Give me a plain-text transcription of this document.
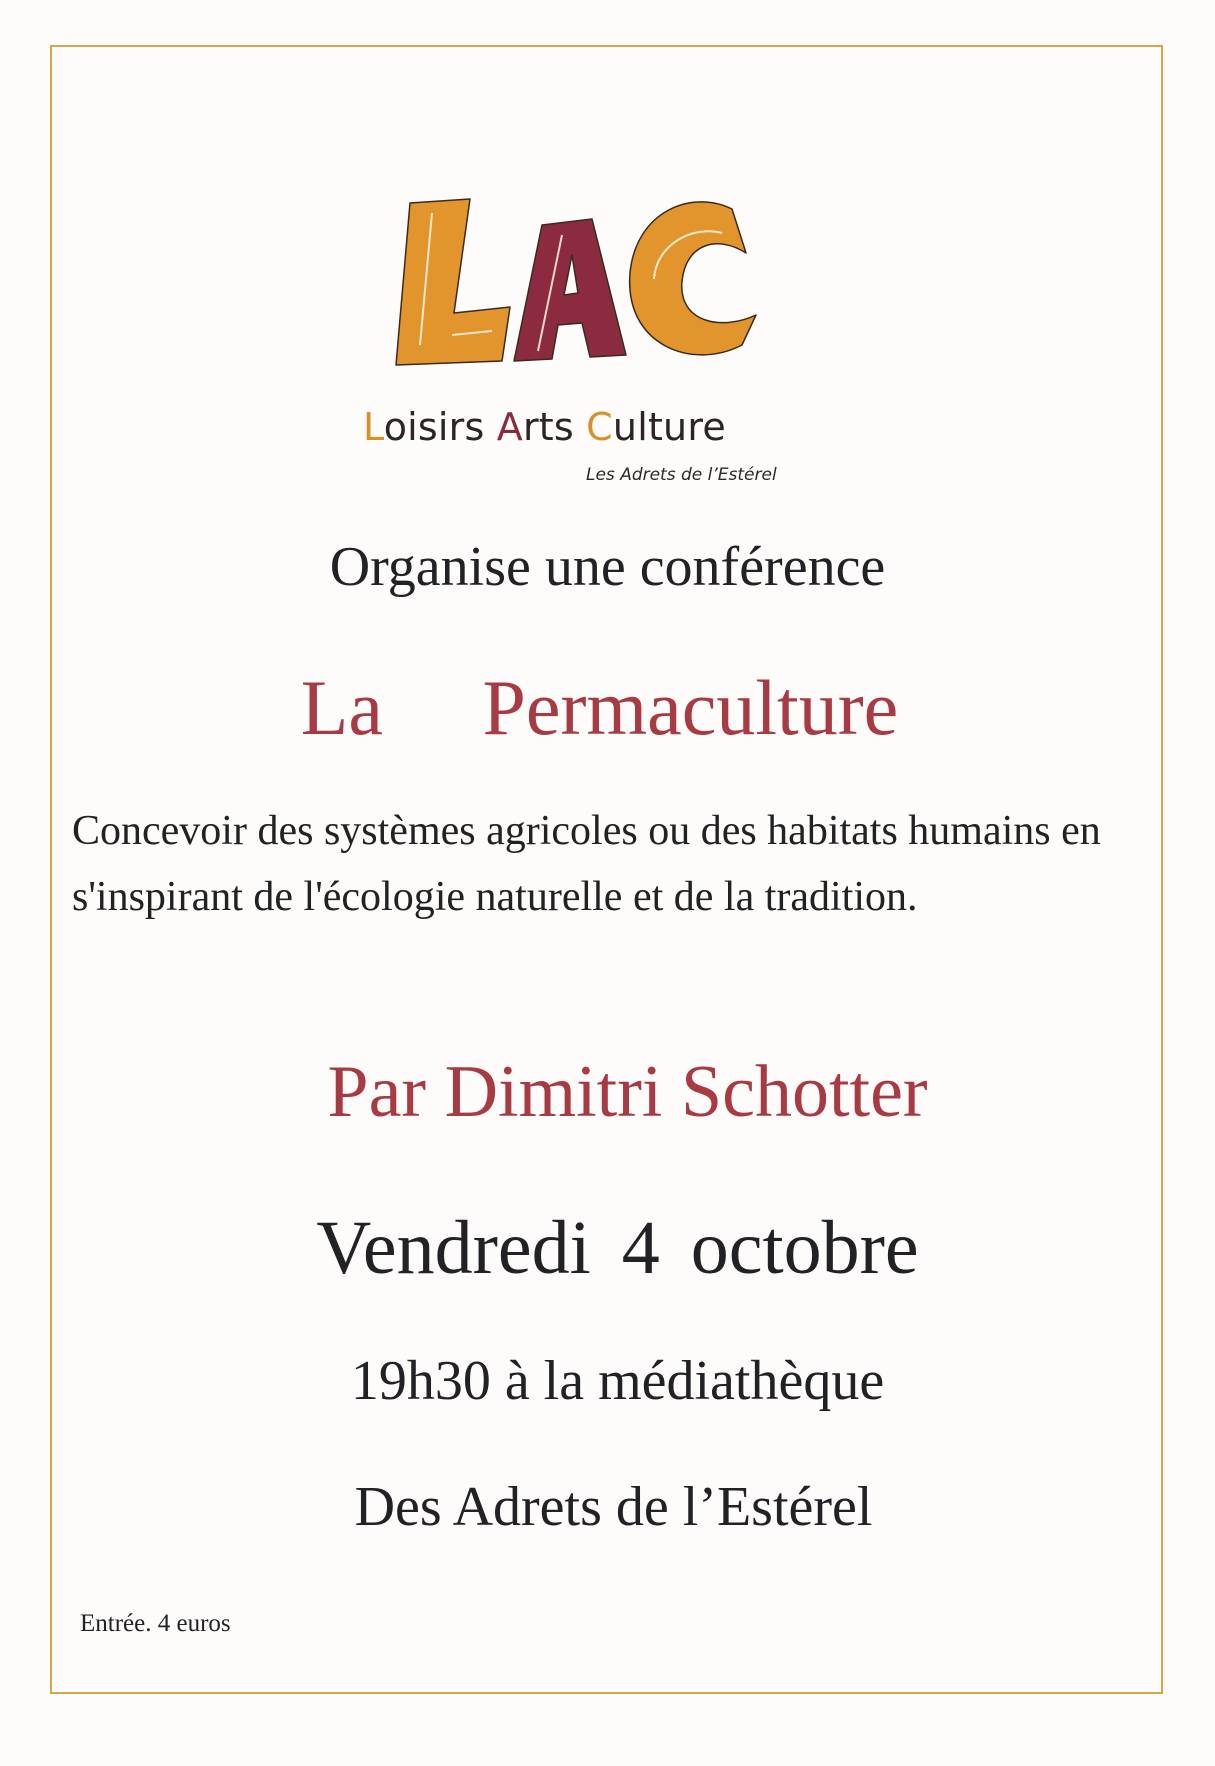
Loisirs Arts Culture
Les Adrets de l’Estérel
Organise une conférence
La Permaculture
Concevoir des systèmes agricoles ou des habitats humains en s'inspirant de l'écologie naturelle et de la tradition.
Par Dimitri Schotter
Vendredi 4 octobre
19h30 à la médiathèque
Des Adrets de l’Estérel
Entrée. 4 euros
